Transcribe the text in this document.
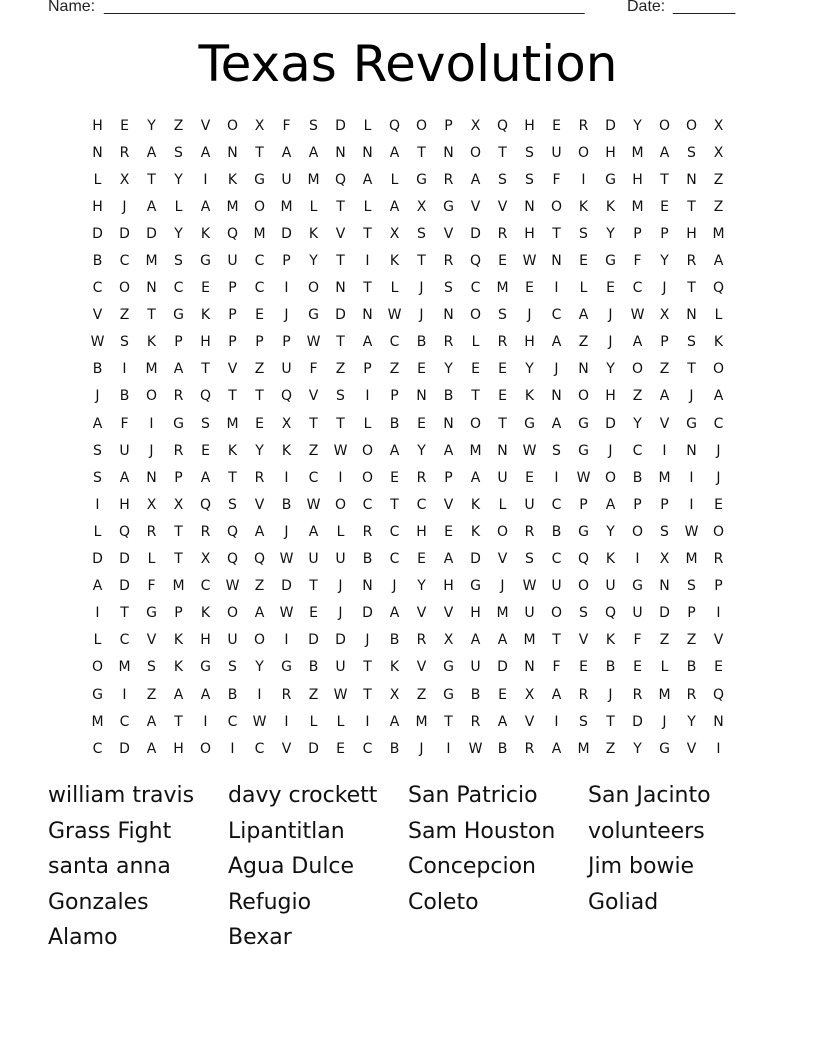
Name: ______________________________________________________	Date: _______
Texas Revolution
H	E	Y	Z	V	O	X	F	S	D	L	Q	O	P	X	Q	H	E	R	D	Y	O	O	X
N	R	A	S	A	N	T	A	A	N	N	A	T	N	O	T	S	U	O	H	M	A	S	X
L	X	T	Y	I	K	G	U	M	Q	A	L	G	R	A	S	S	F	I	G	H	T	N	Z
H	J	A	L	A	M	O	M	L	T	L	A	X	G	V	V	N	O	K	K	M	E	T	Z
D	D	D	Y	K	Q	M	D	K	V	T	X	S	V	D	R	H	T	S	Y	P	P	H	M
B	C	M	S	G	U	C	P	Y	T	I	K	T	R	Q	E	W	N	E	G	F	Y	R	A
C	O	N	C	E	P	C	I	O	N	T	L	J	S	C	M	E	I	L	E	C	J	T	Q
V	Z	T	G	K	P	E	J	G	D	N	W	J	N	O	S	J	C	A	J	W	X	N	L
W	S	K	P	H	P	P	P	W	T	A	C	B	R	L	R	H	A	Z	J	A	P	S	K
B	I	M	A	T	V	Z	U	F	Z	P	Z	E	Y	E	E	Y	J	N	Y	O	Z	T	O
J	B	O	R	Q	T	T	Q	V	S	I	P	N	B	T	E	K	N	O	H	Z	A	J	A
A	F	I	G	S	M	E	X	T	T	L	B	E	N	O	T	G	A	G	D	Y	V	G	C
S	U	J	R	E	K	Y	K	Z	W	O	A	Y	A	M	N	W	S	G	J	C	I	N	J
S	A	N	P	A	T	R	I	C	I	O	E	R	P	A	U	E	I	W	O	B	M	I	J
I	H	X	X	Q	S	V	B	W	O	C	T	C	V	K	L	U	C	P	A	P	P	I	E
L	Q	R	T	R	Q	A	J	A	L	R	C	H	E	K	O	R	B	G	Y	O	S	W	O
D	D	L	T	X	Q	Q	W	U	U	B	C	E	A	D	V	S	C	Q	K	I	X	M	R
A	D	F	M	C	W	Z	D	T	J	N	J	Y	H	G	J	W	U	O	U	G	N	S	P
I	T	G	P	K	O	A	W	E	J	D	A	V	V	H	M	U	O	S	Q	U	D	P	I
L	C	V	K	H	U	O	I	D	D	J	B	R	X	A	A	M	T	V	K	F	Z	Z	V
O	M	S	K	G	S	Y	G	B	U	T	K	V	G	U	D	N	F	E	B	E	L	B	E
G	I	Z	A	A	B	I	R	Z	W	T	X	Z	G	B	E	X	A	R	J	R	M	R	Q
M	C	A	T	I	C	W	I	L	L	I	A	M	T	R	A	V	I	S	T	D	J	Y	N
C	D	A	H	O	I	C	V	D	E	C	B	J	I	W	B	R	A	M	Z	Y	G	V	I
william travis	davy crockett	San Patricio	San Jacinto
Grass Fight	Lipantitlan	Sam Houston	volunteers
santa anna	Agua Dulce	Concepcion	Jim bowie
Gonzales	Refugio	Coleto	Goliad
Alamo	Bexar
